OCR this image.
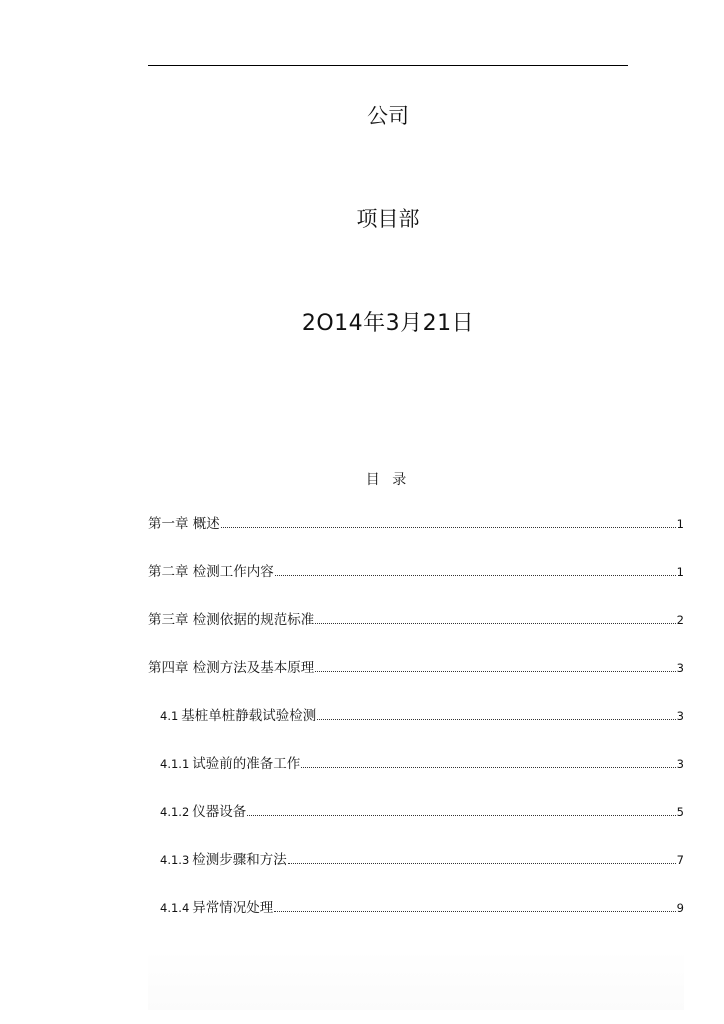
公司
项目部
2O14年3月21日
目 录
第一章 概述	1
第二章 检测工作内容	1
第三章 检测依据的规范标准	2
第四章 检测方法及基本原理	3
4.1 基桩单桩静载试验检测	3
4.1.1 试验前的准备工作	3
4.1.2 仪器设备	5
4.1.3 检测步骤和方法	7
4.1.4 异常情况处理	9
